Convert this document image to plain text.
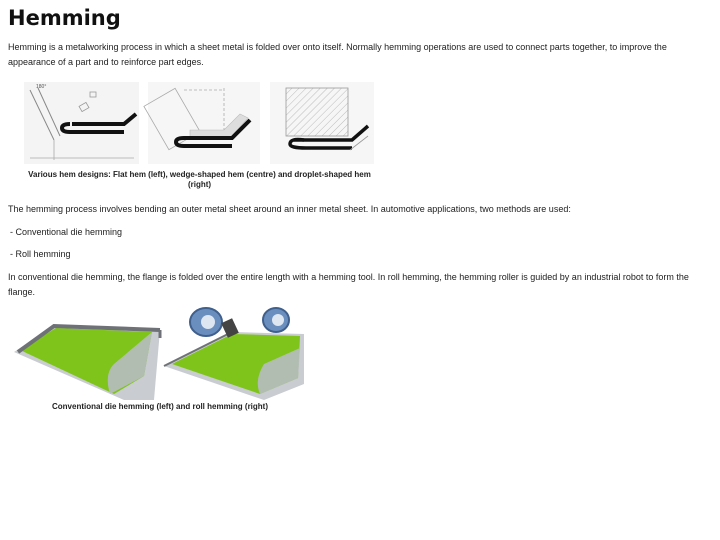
Hemming

Hemming is a metalworking process in which a sheet metal is folded over onto itself. Normally hemming operations are used to connect parts together, to improve the appearance of a part and to reinforce part edges.

180°

Various hem designs: Flat hem (left), wedge-shaped hem (centre) and droplet-shaped hem
(right)

The hemming process involves bending an outer metal sheet around an inner metal sheet. In automotive applications, two methods are used:

- Conventional die hemming

- Roll hemming

In conventional die hemming, the flange is folded over the entire length with a hemming tool. In roll hemming, the hemming roller is guided by an industrial robot to form the flange.

Conventional die hemming (left) and roll hemming (right)
